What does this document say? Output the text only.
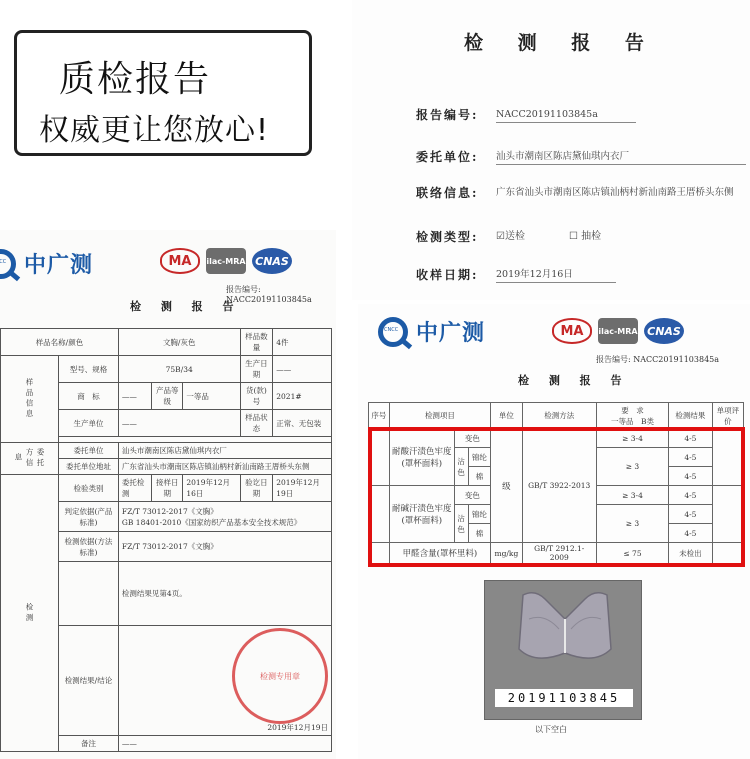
质检报告
权威更让您放心!
检 测 报 告
报告编号:	NACC20191103845a
委托单位:	汕头市潮南区陈店黛仙琪内衣厂
联络信息:	广东省汕头市潮南区陈店镇汕柄村新汕南路王厝桥头东侧
检测类型:	☑送检	☐ 抽检
收样日期:	2019年12月16日
CNCC
中广测	MA	ilac-MRA CNAS
报告编号: NACC20191103845a
检 测 报 告
样品名称/颜色		文胸/灰色			样品数量	4件
样品信息	型号、规格	75B/34			生产日期	——
	商　标	——	产品等级	一等品	货(款)号	2021#
	生产单位	——			样品状态	正常、无包装

委托方信息	委托单位	汕头市潮南区陈店黛仙琪内衣厂				
	委托单位地址	广东省汕头市潮南区陈店镇汕柄村新汕南路王厝桥头东侧				
检测	检验类别	委托检测	接样日期	2019年12月16日	验讫日期	2019年12月19日
	判定依据(产品标准)	FZ/T 73012-2017《文胸》
GB 18401-2010《国家纺织产品基本安全技术规范》				

	检测依据(方法标准)	FZ/T 73012-2017《文胸》				
		检测结果见第4页。				
	检测结果/结论	2019年12月19日				

	备注	——				
检测专用章
CNCC
中广测	MA	ilac-MRA CNAS
报告编号: NACC20191103845a
检 测 报 告
序号	检测项目			单位	检测方法	要　求
一等品　 B类	检测结果	单项评价
	耐酸汗渍色牢度(罩杯面料)	变色		级	GB/T 3922-2013	≥ 3-4	4-5	
		沾色	锦纶			≥ 3	4-5	
			棉				4-5	
	耐碱汗渍色牢度(罩杯面料)	变色				≥ 3-4	4-5	
		沾色	锦纶			≥ 3	4-5	
			棉				4-5	
	甲醛含量(罩杯里料)			mg/kg	GB/T 2912.1-2009	≤ 75	未检出	
20191103845
以下空白
